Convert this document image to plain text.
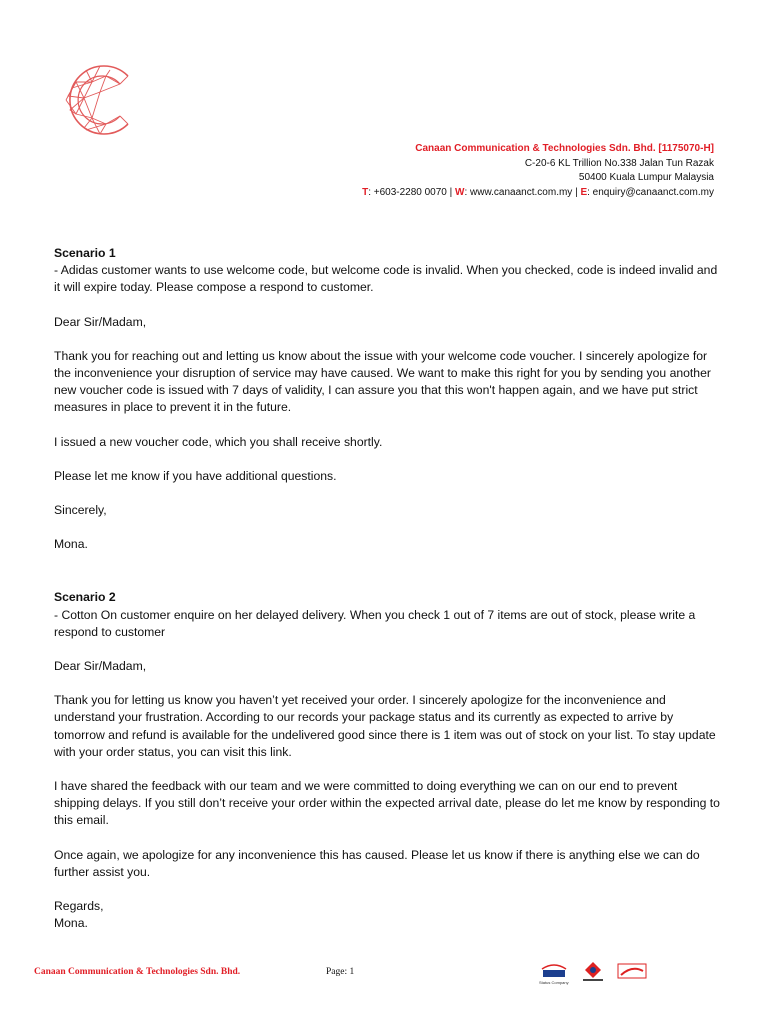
Canaan Communication & Technologies Sdn. Bhd. [1175070-H]
C-20-6 KL Trillion No.338 Jalan Tun Razak
50400 Kuala Lumpur Malaysia
T: +603-2280 0070 | W: www.canaanct.com.my | E: enquiry@canaanct.com.my

Scenario 1

- Adidas customer wants to use welcome code, but welcome code is invalid. When you checked, code is indeed invalid and it will expire today. Please compose a respond to customer.

Dear Sir/Madam,

Thank you for reaching out and letting us know about the issue with your welcome code voucher. I sincerely apologize for the inconvenience your disruption of service may have caused. We want to make this right for you by sending you another new voucher code is issued with 7 days of validity, I can assure you that this won't happen again, and we have put strict measures in place to prevent it in the future.

I issued a new voucher code, which you shall receive shortly.

Please let me know if you have additional questions.

Sincerely,

Mona.

Scenario 2

- Cotton On customer enquire on her delayed delivery. When you check 1 out of 7 items are out of stock, please write a respond to customer

Dear Sir/Madam,

Thank you for letting us know you haven’t yet received your order. I sincerely apologize for the inconvenience and understand your frustration. According to our records your package status and its currently as expected to arrive by tomorrow and refund is available for the undelivered good since there is 1 item was out of stock on your list. To stay update with your order status, you can visit this link.

I have shared the feedback with our team and we were committed to doing everything we can on our end to prevent shipping delays. If you still don’t receive your order within the expected arrival date, please do let me know by responding to this email.

Once again, we apologize for any inconvenience this has caused. Please let us know if there is anything else we can do further assist you.

Regards,

Mona.

Canaan Communication & Technologies Sdn. Bhd.	Page: 1
Status Company
